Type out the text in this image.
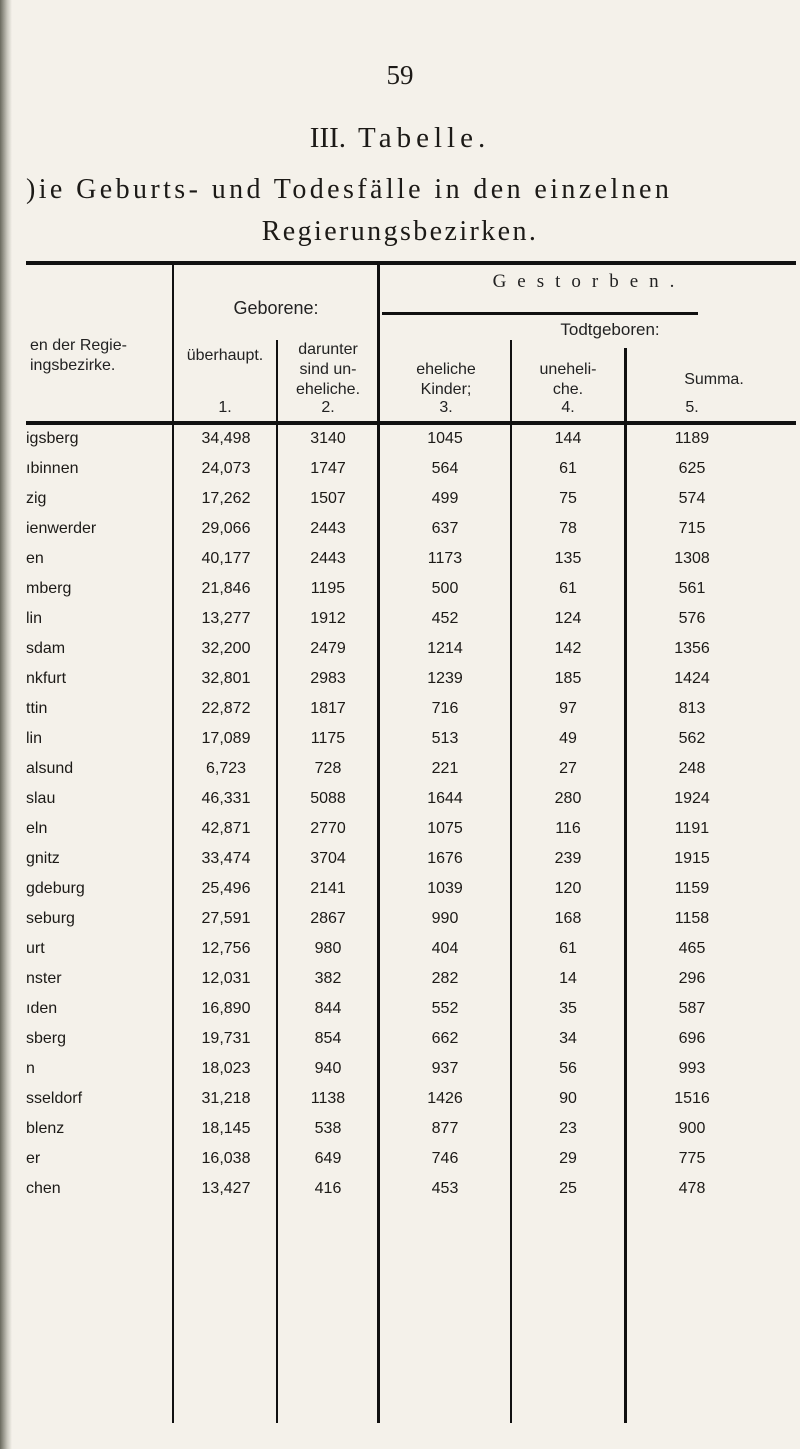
59
III. Tabelle.
)ie Geburts- und Todesfälle in den einzelnen
Regierungsbezirken.
en der Regie-
ingsbezirke.
Geborene:
überhaupt.	darunter
sind un-
eheliche.
Gestorben.
Todtgeboren:
eheliche
Kinder;
uneheli-
che.
Summa.
1.	2.	3.	4.	5.
igsberg	34,498	3140	1045	144	1189
ıbinnen	24,073	1747	564	61	625
zig	17,262	1507	499	75	574
ienwerder	29,066	2443	637	78	715
en	40,177	2443	1173	135	1308
mberg	21,846	1195	500	61	561
lin	13,277	1912	452	124	576
sdam	32,200	2479	1214	142	1356
nkfurt	32,801	2983	1239	185	1424
ttin	22,872	1817	716	97	813
lin	17,089	1175	513	49	562
alsund	6,723	728	221	27	248
slau	46,331	5088	1644	280	1924
eln	42,871	2770	1075	116	1191
gnitz	33,474	3704	1676	239	1915
gdeburg	25,496	2141	1039	120	1159
seburg	27,591	2867	990	168	1158
urt	12,756	980	404	61	465
nster	12,031	382	282	14	296
ıden	16,890	844	552	35	587
sberg	19,731	854	662	34	696
n	18,023	940	937	56	993
sseldorf	31,218	1138	1426	90	1516
blenz	18,145	538	877	23	900
er	16,038	649	746	29	775
chen	13,427	416	453	25	478
